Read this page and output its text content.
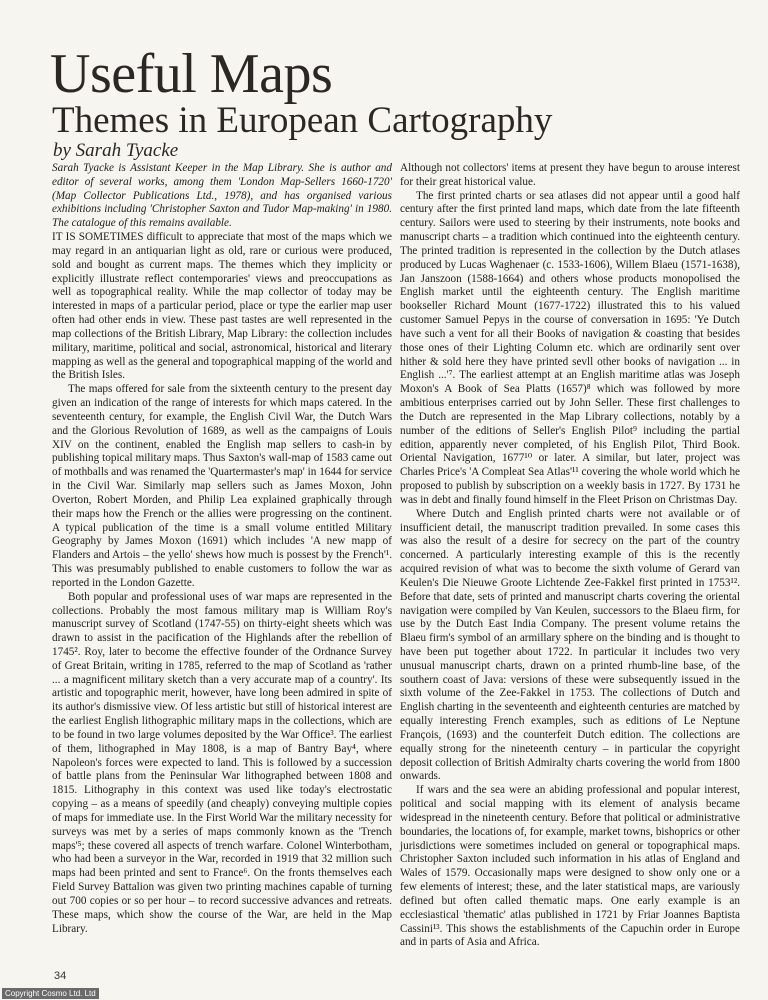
Useful Maps
Themes in European Cartography
by Sarah Tyacke

Sarah Tyacke is Assistant Keeper in the Map Library. She is author and editor of several works, among them 'London Map-Sellers 1660-1720' (Map Collector Publications Ltd., 1978), and has organised various exhibitions including 'Christopher Saxton and Tudor Map-making' in 1980. The catalogue of this remains available.

IT IS SOMETIMES difficult to appreciate that most of the maps which we may regard in an antiquarian light as old, rare or curious were produced, sold and bought as current maps. The themes which they implicity or explicitly illustrate reflect contemporaries' views and preoccupations as well as topographical reality. While the map collector of today may be interested in maps of a particular period, place or type the earlier map user often had other ends in view. These past tastes are well represented in the map collections of the British Library, Map Library: the collection includes military, maritime, political and social, astronomical, historical and literary mapping as well as the general and topographical mapping of the world and the British Isles.

The maps offered for sale from the sixteenth century to the present day given an indication of the range of interests for which maps catered. In the seventeenth century, for example, the English Civil War, the Dutch Wars and the Glorious Revolution of 1689, as well as the campaigns of Louis XIV on the continent, enabled the English map sellers to cash-in by publishing topical military maps. Thus Saxton's wall-map of 1583 came out of mothballs and was renamed the 'Quartermaster's map' in 1644 for service in the Civil War. Similarly map sellers such as James Moxon, John Overton, Robert Morden, and Philip Lea explained graphically through their maps how the French or the allies were progressing on the continent. A typical publication of the time is a small volume entitled Military Geography by James Moxon (1691) which includes 'A new mapp of Flanders and Artois – the yello' shews how much is possest by the French'¹. This was presumably published to enable customers to follow the war as reported in the London Gazette.

Both popular and professional uses of war maps are represented in the collections. Probably the most famous military map is William Roy's manuscript survey of Scotland (1747-55) on thirty-eight sheets which was drawn to assist in the pacification of the Highlands after the rebellion of 1745². Roy, later to become the effective founder of the Ordnance Survey of Great Britain, writing in 1785, referred to the map of Scotland as 'rather ... a magnificent military sketch than a very accurate map of a country'. Its artistic and topographic merit, however, have long been admired in spite of its author's dismissive view. Of less artistic but still of historical interest are the earliest English lithographic military maps in the collections, which are to be found in two large volumes deposited by the War Office³. The earliest of them, lithographed in May 1808, is a map of Bantry Bay⁴, where Napoleon's forces were expected to land. This is followed by a succession of battle plans from the Peninsular War lithographed between 1808 and 1815. Lithography in this context was used like today's electrostatic copying – as a means of speedily (and cheaply) conveying multiple copies of maps for immediate use. In the First World War the military necessity for surveys was met by a series of maps commonly known as the 'Trench maps'⁵; these covered all aspects of trench warfare. Colonel Winterbotham, who had been a surveyor in the War, recorded in 1919 that 32 million such maps had been printed and sent to France⁶. On the fronts themselves each Field Survey Battalion was given two printing machines capable of turning out 700 copies or so per hour – to record successive advances and retreats. These maps, which show the course of the War, are held in the Map Library.

Although not collectors' items at present they have begun to arouse interest for their great historical value.

The first printed charts or sea atlases did not appear until a good half century after the first printed land maps, which date from the late fifteenth century. Sailors were used to steering by their instruments, note books and manuscript charts – a tradition which continued into the eighteenth century. The printed tradition is represented in the collection by the Dutch atlases produced by Lucas Waghenaer (c. 1533-1606), Willem Blaeu (1571-1638), Jan Janszoon (1588-1664) and others whose products monopolised the English market until the eighteenth century. The English maritime bookseller Richard Mount (1677-1722) illustrated this to his valued customer Samuel Pepys in the course of conversation in 1695: 'Ye Dutch have such a vent for all their Books of navigation & coasting that besides those ones of their Lighting Column etc. which are ordinarily sent over hither & sold here they have printed sevll other books of navigation ... in English ...'⁷. The earliest attempt at an English maritime atlas was Joseph Moxon's A Book of Sea Platts (1657)⁸ which was followed by more ambitious enterprises carried out by John Seller. These first challenges to the Dutch are represented in the Map Library collections, notably by a number of the editions of Seller's English Pilot⁹ including the partial edition, apparently never completed, of his English Pilot, Third Book. Oriental Navigation, 1677¹⁰ or later. A similar, but later, project was Charles Price's 'A Compleat Sea Atlas'¹¹ covering the whole world which he proposed to publish by subscription on a weekly basis in 1727. By 1731 he was in debt and finally found himself in the Fleet Prison on Christmas Day.

Where Dutch and English printed charts were not available or of insufficient detail, the manuscript tradition prevailed. In some cases this was also the result of a desire for secrecy on the part of the country concerned. A particularly interesting example of this is the recently acquired revision of what was to become the sixth volume of Gerard van Keulen's Die Nieuwe Groote Lichtende Zee-Fakkel first printed in 1753¹². Before that date, sets of printed and manuscript charts covering the oriental navigation were compiled by Van Keulen, successors to the Blaeu firm, for use by the Dutch East India Company. The present volume retains the Blaeu firm's symbol of an armillary sphere on the binding and is thought to have been put together about 1722. In particular it includes two very unusual manuscript charts, drawn on a printed rhumb-line base, of the southern coast of Java: versions of these were subsequently issued in the sixth volume of the Zee-Fakkel in 1753. The collections of Dutch and English charting in the seventeenth and eighteenth centuries are matched by equally interesting French examples, such as editions of Le Neptune François, (1693) and the counterfeit Dutch edition. The collections are equally strong for the nineteenth century – in particular the copyright deposit collection of British Admiralty charts covering the world from 1800 onwards.

If wars and the sea were an abiding professional and popular interest, political and social mapping with its element of analysis became widespread in the nineteenth century. Before that political or administrative boundaries, the locations of, for example, market towns, bishoprics or other jurisdictions were sometimes included on general or topographical maps. Christopher Saxton included such information in his atlas of England and Wales of 1579. Occasionally maps were designed to show only one or a few elements of interest; these, and the later statistical maps, are variously defined but often called thematic maps. One early example is an ecclesiastical 'thematic' atlas published in 1721 by Friar Joannes Baptista Cassini¹³. This shows the establishments of the Capuchin order in Europe and in parts of Asia and Africa.

34
Copyright Cosmo Ltd. Ltd
